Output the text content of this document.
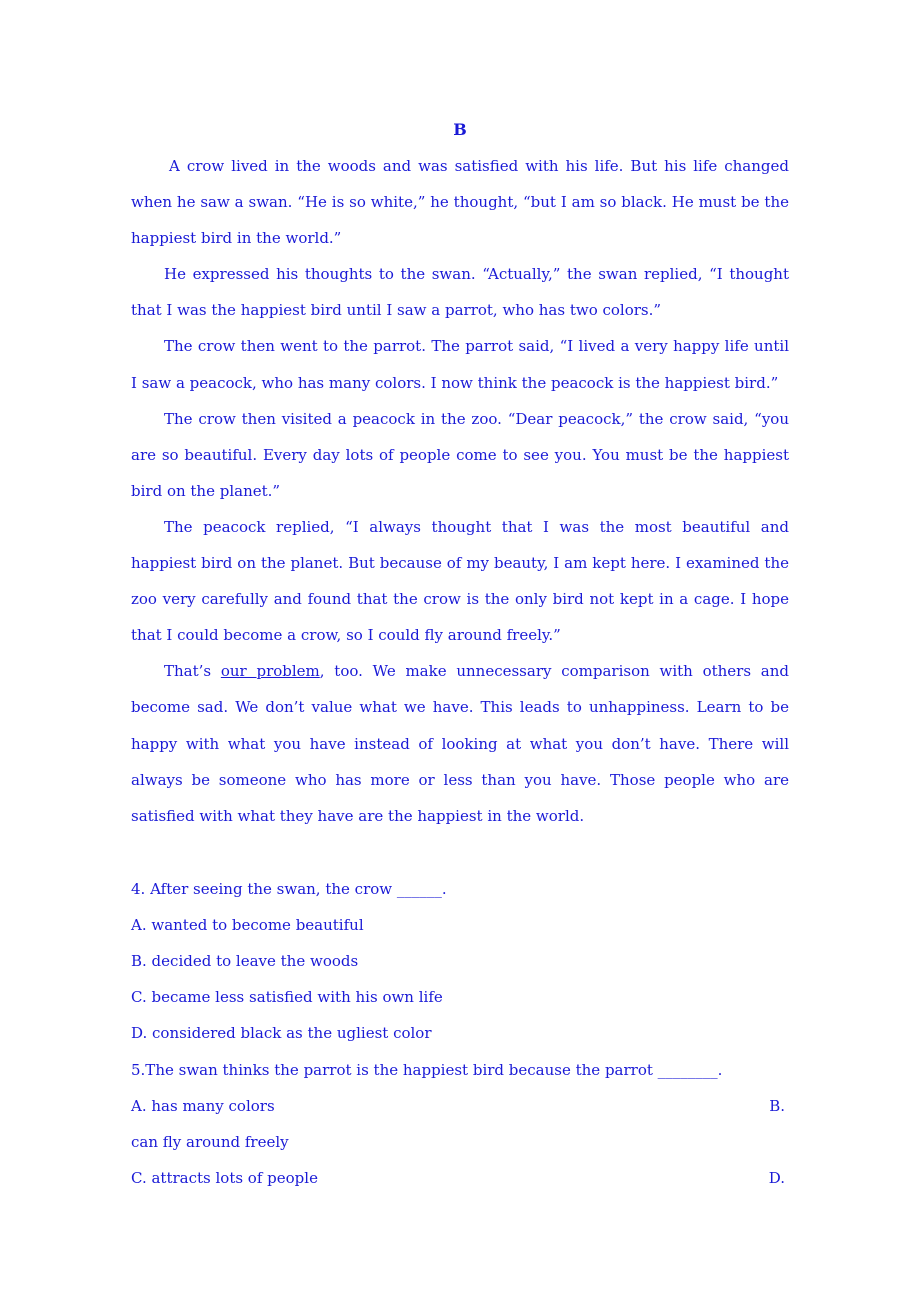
B

A crow lived in the woods and was satisfied with his life. But his life changed when he saw a swan. “He is so white,” he thought, “but I am so black. He must be the happiest bird in the world.”

He expressed his thoughts to the swan. “Actually,” the swan replied, “I thought that I was the happiest bird until I saw a parrot, who has two colors.”

The crow then went to the parrot. The parrot said, “I lived a very happy life until I saw a peacock, who has many colors. I now think the peacock is the happiest bird.”

The crow then visited a peacock in the zoo. “Dear peacock,” the crow said, “you are so beautiful. Every day lots of people come to see you. You must be the happiest bird on the planet.”

The peacock replied, “I always thought that I was the most beautiful and happiest bird on the planet. But because of my beauty, I am kept here. I examined the zoo very carefully and found that the crow is the only bird not kept in a cage. I hope that I could become a crow, so I could fly around freely.”

That’s our problem, too. We make unnecessary comparison with others and become sad. We don’t value what we have. This leads to unhappiness. Learn to be happy with what you have instead of looking at what you don’t have. There will always be someone who has more or less than you have. Those people who are satisfied with what they have are the happiest in the world.

4. After seeing the swan, the crow ______.
A. wanted to become beautiful
B. decided to leave the woods
C. became less satisfied with his own life
D. considered black as the ugliest color
5.The swan thinks the parrot is the happiest bird because the parrot ________.
A. has many colors	B.
can fly around freely
C. attracts lots of people	D.
